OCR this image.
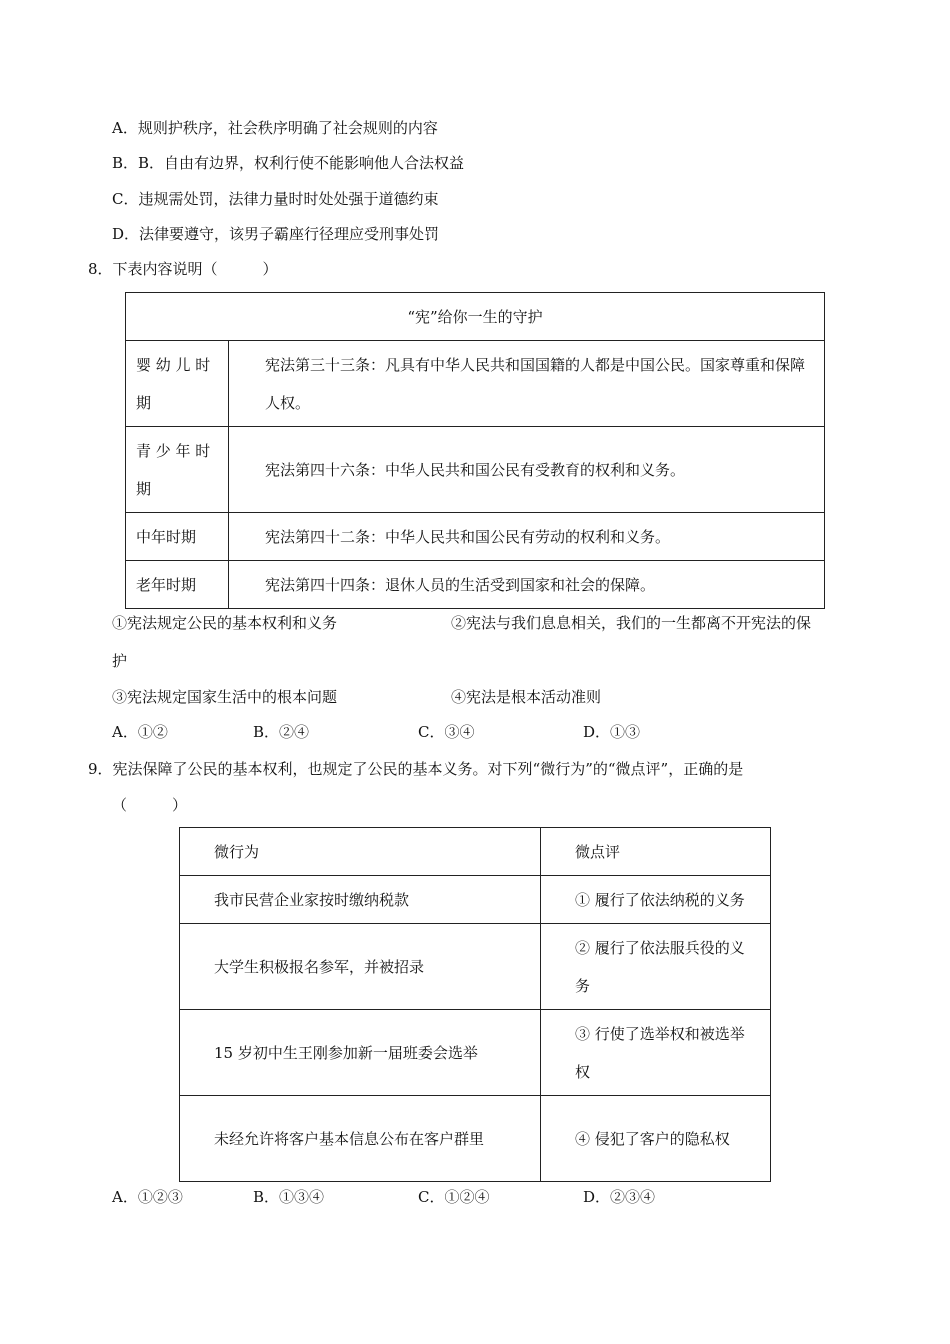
A．规则护秩序，社会秩序明确了社会规则的内容
B．B．自由有边界，权利行使不能影响他人合法权益
C．违规需处罚，法律力量时时处处强于道德约束
D．法律要遵守，该男子霸座行径理应受刑事处罚
8．下表内容说明（　　　）
“宪”给你一生的守护	
婴 幼 儿 时 期	宪法第三十三条：凡具有中华人民共和国国籍的人都是中国公民。国家尊重和保障人权。
青 少 年 时 期	宪法第四十六条：中华人民共和国公民有受教育的权利和义务。
中年时期	宪法第四十二条：中华人民共和国公民有劳动的权利和义务。
老年时期	宪法第四十四条：退休人员的生活受到国家和社会的保障。
①宪法规定公民的基本权利和义务	②宪法与我们息息相关，我们的一生都离不开宪法的保
护
③宪法规定国家生活中的根本问题	④宪法是根本活动准则
A．①②	B．②④	C．③④	D．①③
9．宪法保障了公民的基本权利，也规定了公民的基本义务。对下列“微行为”的“微点评”，正确的是
（　　　）
微行为	微点评
我市民营企业家按时缴纳税款	① 履行了依法纳税的义务
大学生积极报名参军，并被招录	② 履行了依法服兵役的义务
15 岁初中生王刚参加新一届班委会选举	③ 行使了选举权和被选举权
未经允许将客户基本信息公布在客户群里	④ 侵犯了客户的隐私权
A．①②③	B．①③④	C．①②④	D．②③④
